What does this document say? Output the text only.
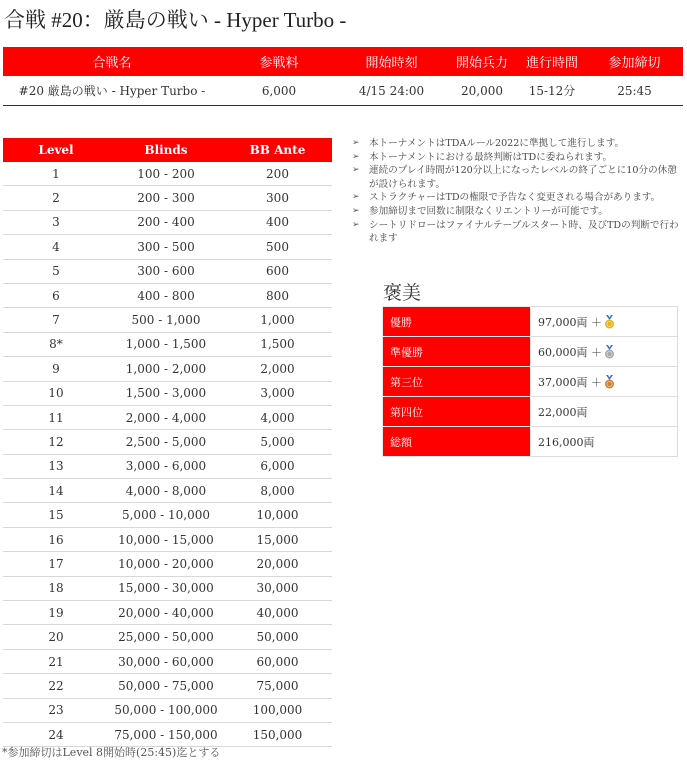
合戦 #20：厳島の戦い - Hyper Turbo -
合戦名	参戦料	開始時刻	開始兵力	進行時間	参加締切
#20 厳島の戦い - Hyper Turbo -	6,000	4/15 24:00	20,000	15-12分	25:45
Level	Blinds	BB Ante
1	100 - 200	200
2	200 - 300	300
3	200 - 400	400
4	300 - 500	500
5	300 - 600	600
6	400 - 800	800
7	500 - 1,000	1,000
8*	1,000 - 1,500	1,500
9	1,000 - 2,000	2,000
10	1,500 - 3,000	3,000
11	2,000 - 4,000	4,000
12	2,500 - 5,000	5,000
13	3,000 - 6,000	6,000
14	4,000 - 8,000	8,000
15	5,000 - 10,000	10,000
16	10,000 - 15,000	15,000
17	10,000 - 20,000	20,000
18	15,000 - 30,000	30,000
19	20,000 - 40,000	40,000
20	25,000 - 50,000	50,000
21	30,000 - 60,000	60,000
22	50,000 - 75,000	75,000
23	50,000 - 100,000	100,000
24	75,000 - 150,000	150,000
*参加締切はLevel 8開始時(25:45)迄とする
➢ 本トーナメントはTDAルール2022に準拠して進行します。
➢ 本トーナメントにおける最終判断はTDに委ねられます。
➢ 連続のプレイ時間が120分以上になったレベルの終了ごとに10分の休憩が設けられます。
➢ ストラクチャーはTDの権限で予告なく変更される場合があります。
➢ 参加締切まで回数に制限なくリエントリーが可能です。
➢ シートリドローはファイナルテーブルスタート時、及びTDの判断で行われます
褒美
優勝	97,000両 ＋
準優勝	60,000両 ＋
第三位	37,000両 ＋
第四位	22,000両
総額	216,000両
